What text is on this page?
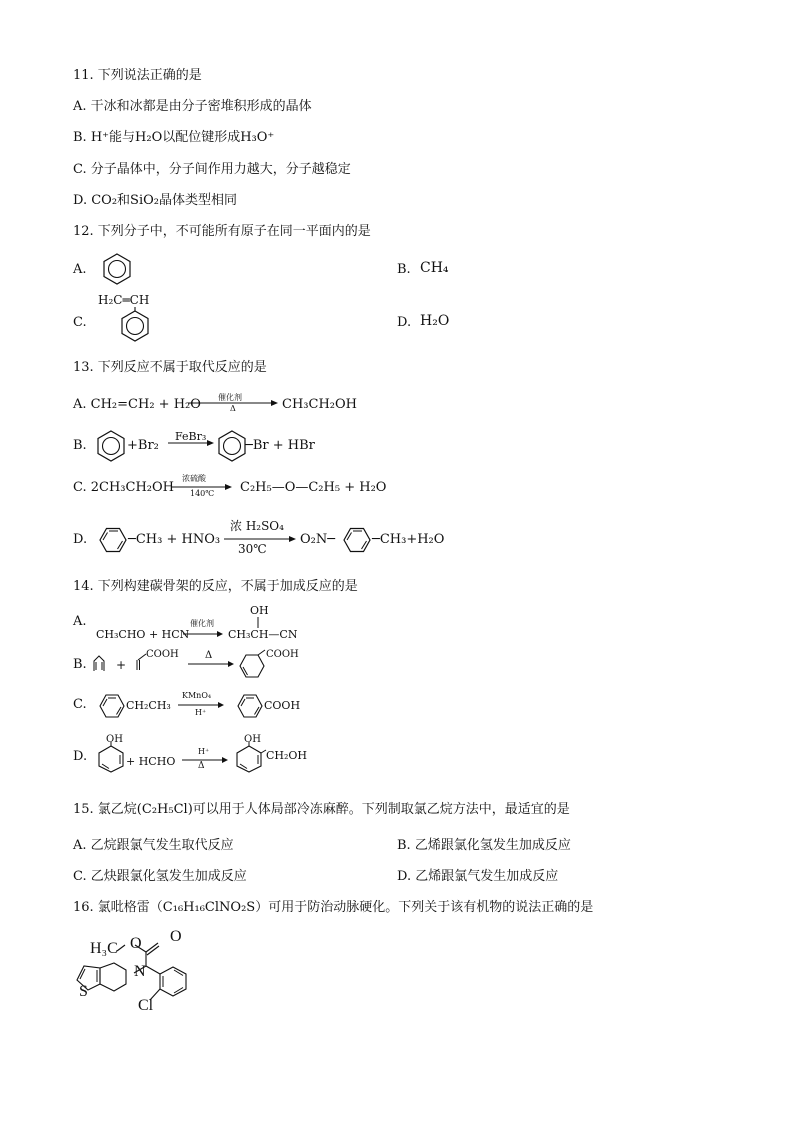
11. 下列说法正确的是
A. 干冰和冰都是由分子密堆积形成的晶体
B. H⁺能与H₂O以配位键形成H₃O⁺
C. 分子晶体中，分子间作用力越大，分子越稳定
D. CO₂和SiO₂晶体类型相同
12. 下列分子中，不可能所有原子在同一平面内的是
A.	B. CH₄
H₂C═CH
C.	D. H₂O
13. 下列反应不属于取代反应的是
A. CH₂=CH₂ + H₂O 催化剂
Δ	CH₃CH₂OH
B.	+Br₂
FeBr₃
─Br + HBr
C. 2CH₃CH₂OH
浓硫酸
140℃ C₂H₅—O—C₂H₅ + H₂O
D.	─CH₃ + HNO₃
浓 H₂SO₄
30℃
O₂N─	─CH₃+H₂O
14. 下列构建碳骨架的反应，不属于加成反应的是
A.
CH₃CHO + HCN
催化剂
OH
CH₃CH—CN
B. +
COOH	Δ	COOH
C.	CH₂CH₃
KMnO₄
H⁺
COOH
D.
OH
+ HCHO
H⁺
Δ
OH
CH₂OH
15. 氯乙烷(C₂H₅Cl)可以用于人体局部冷冻麻醉。下列制取氯乙烷方法中，最适宜的是
A. 乙烷跟氯气发生取代反应	B. 乙烯跟氯化氢发生加成反应
C. 乙炔跟氯化氢发生加成反应	D. 乙烯跟氯气发生加成反应
16. 氯吡格雷（C₁₆H₁₆ClNO₂S）可用于防治动脉硬化。下列关于该有机物的说法正确的是
H₃C O O
N
S
Cl
